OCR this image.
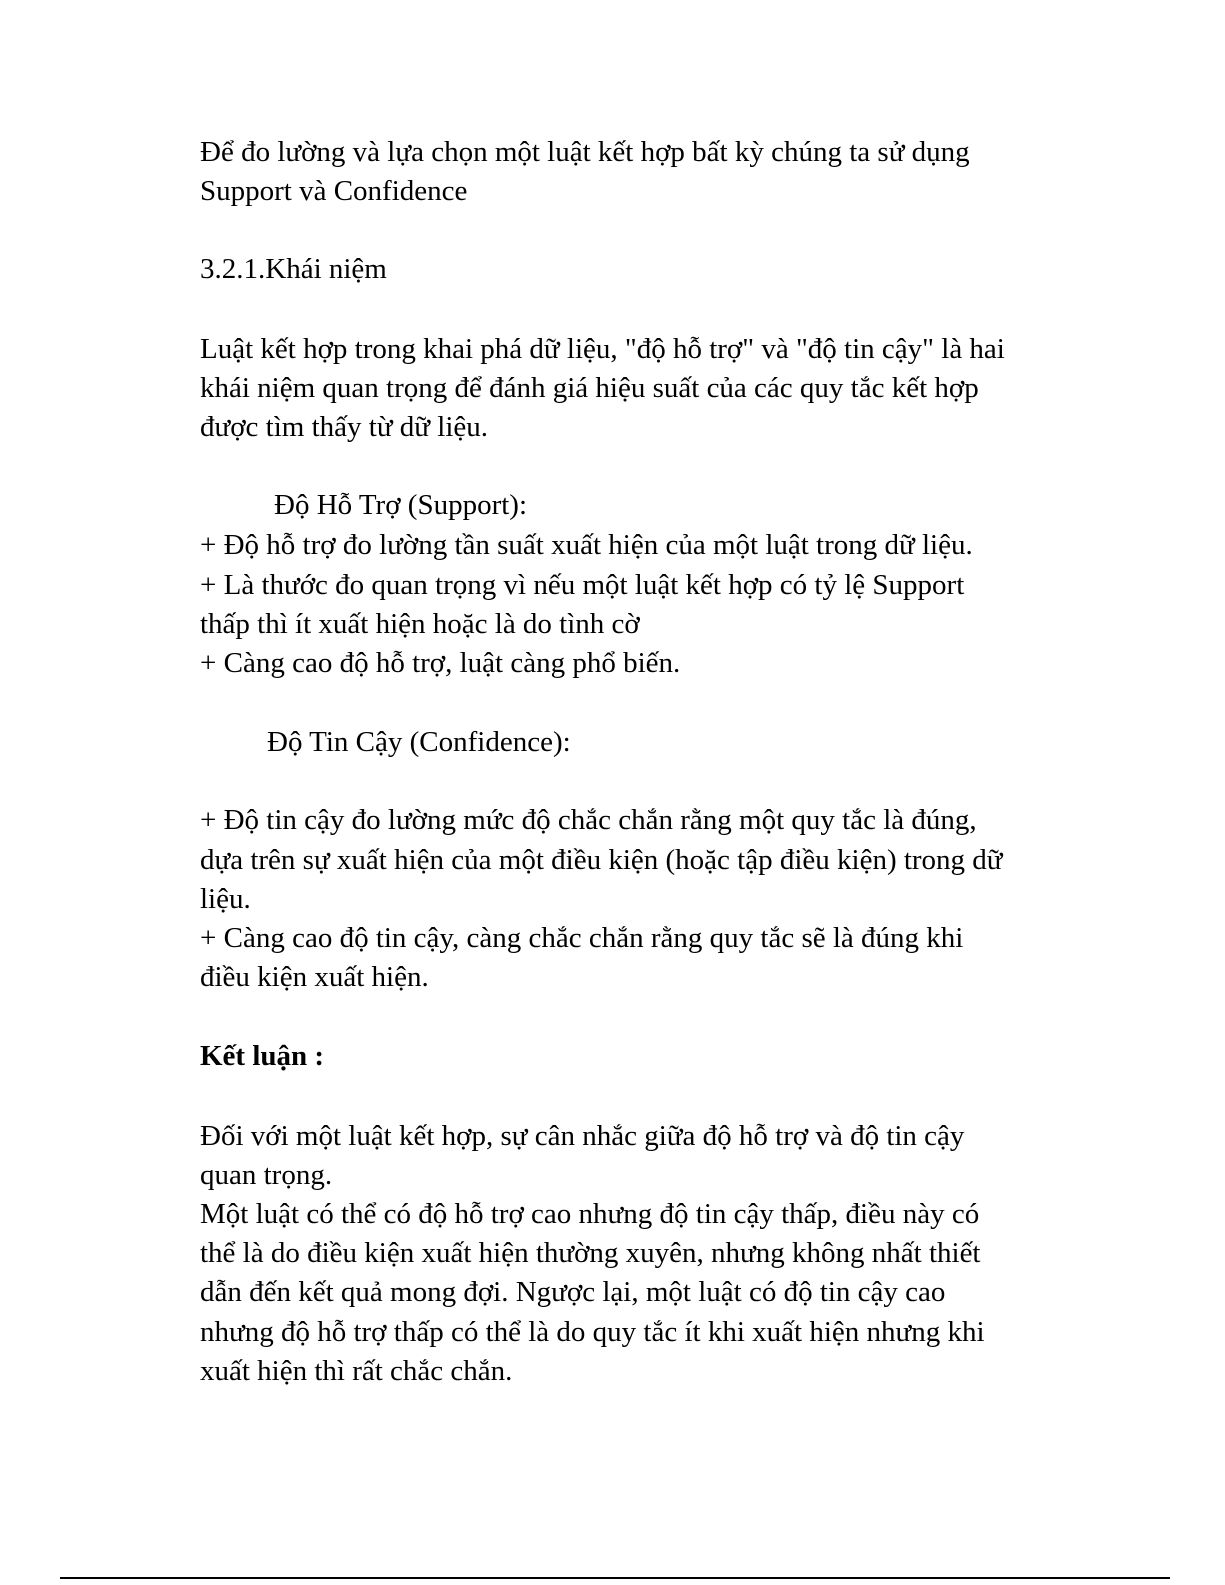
Để đo lường và lựa chọn một luật kết hợp bất kỳ chúng ta sử dụng
Support và Confidence
3.2.1.Khái niệm
Luật kết hợp trong khai phá dữ liệu, "độ hỗ trợ" và "độ tin cậy" là hai
khái niệm quan trọng để đánh giá hiệu suất của các quy tắc kết hợp
được tìm thấy từ dữ liệu.
Độ Hỗ Trợ (Support):
+ Độ hỗ trợ đo lường tần suất xuất hiện của một luật trong dữ liệu.
+ Là thước đo quan trọng vì nếu một luật kết hợp có tỷ lệ Support
thấp thì ít xuất hiện hoặc là do tình cờ
+ Càng cao độ hỗ trợ, luật càng phổ biến.
Độ Tin Cậy (Confidence):
+ Độ tin cậy đo lường mức độ chắc chắn rằng một quy tắc là đúng,
dựa trên sự xuất hiện của một điều kiện (hoặc tập điều kiện) trong dữ
liệu.
+ Càng cao độ tin cậy, càng chắc chắn rằng quy tắc sẽ là đúng khi
điều kiện xuất hiện.
Kết luận :
Đối với một luật kết hợp, sự cân nhắc giữa độ hỗ trợ và độ tin cậy
quan trọng.
Một luật có thể có độ hỗ trợ cao nhưng độ tin cậy thấp, điều này có
thể là do điều kiện xuất hiện thường xuyên, nhưng không nhất thiết
dẫn đến kết quả mong đợi. Ngược lại, một luật có độ tin cậy cao
nhưng độ hỗ trợ thấp có thể là do quy tắc ít khi xuất hiện nhưng khi
xuất hiện thì rất chắc chắn.
